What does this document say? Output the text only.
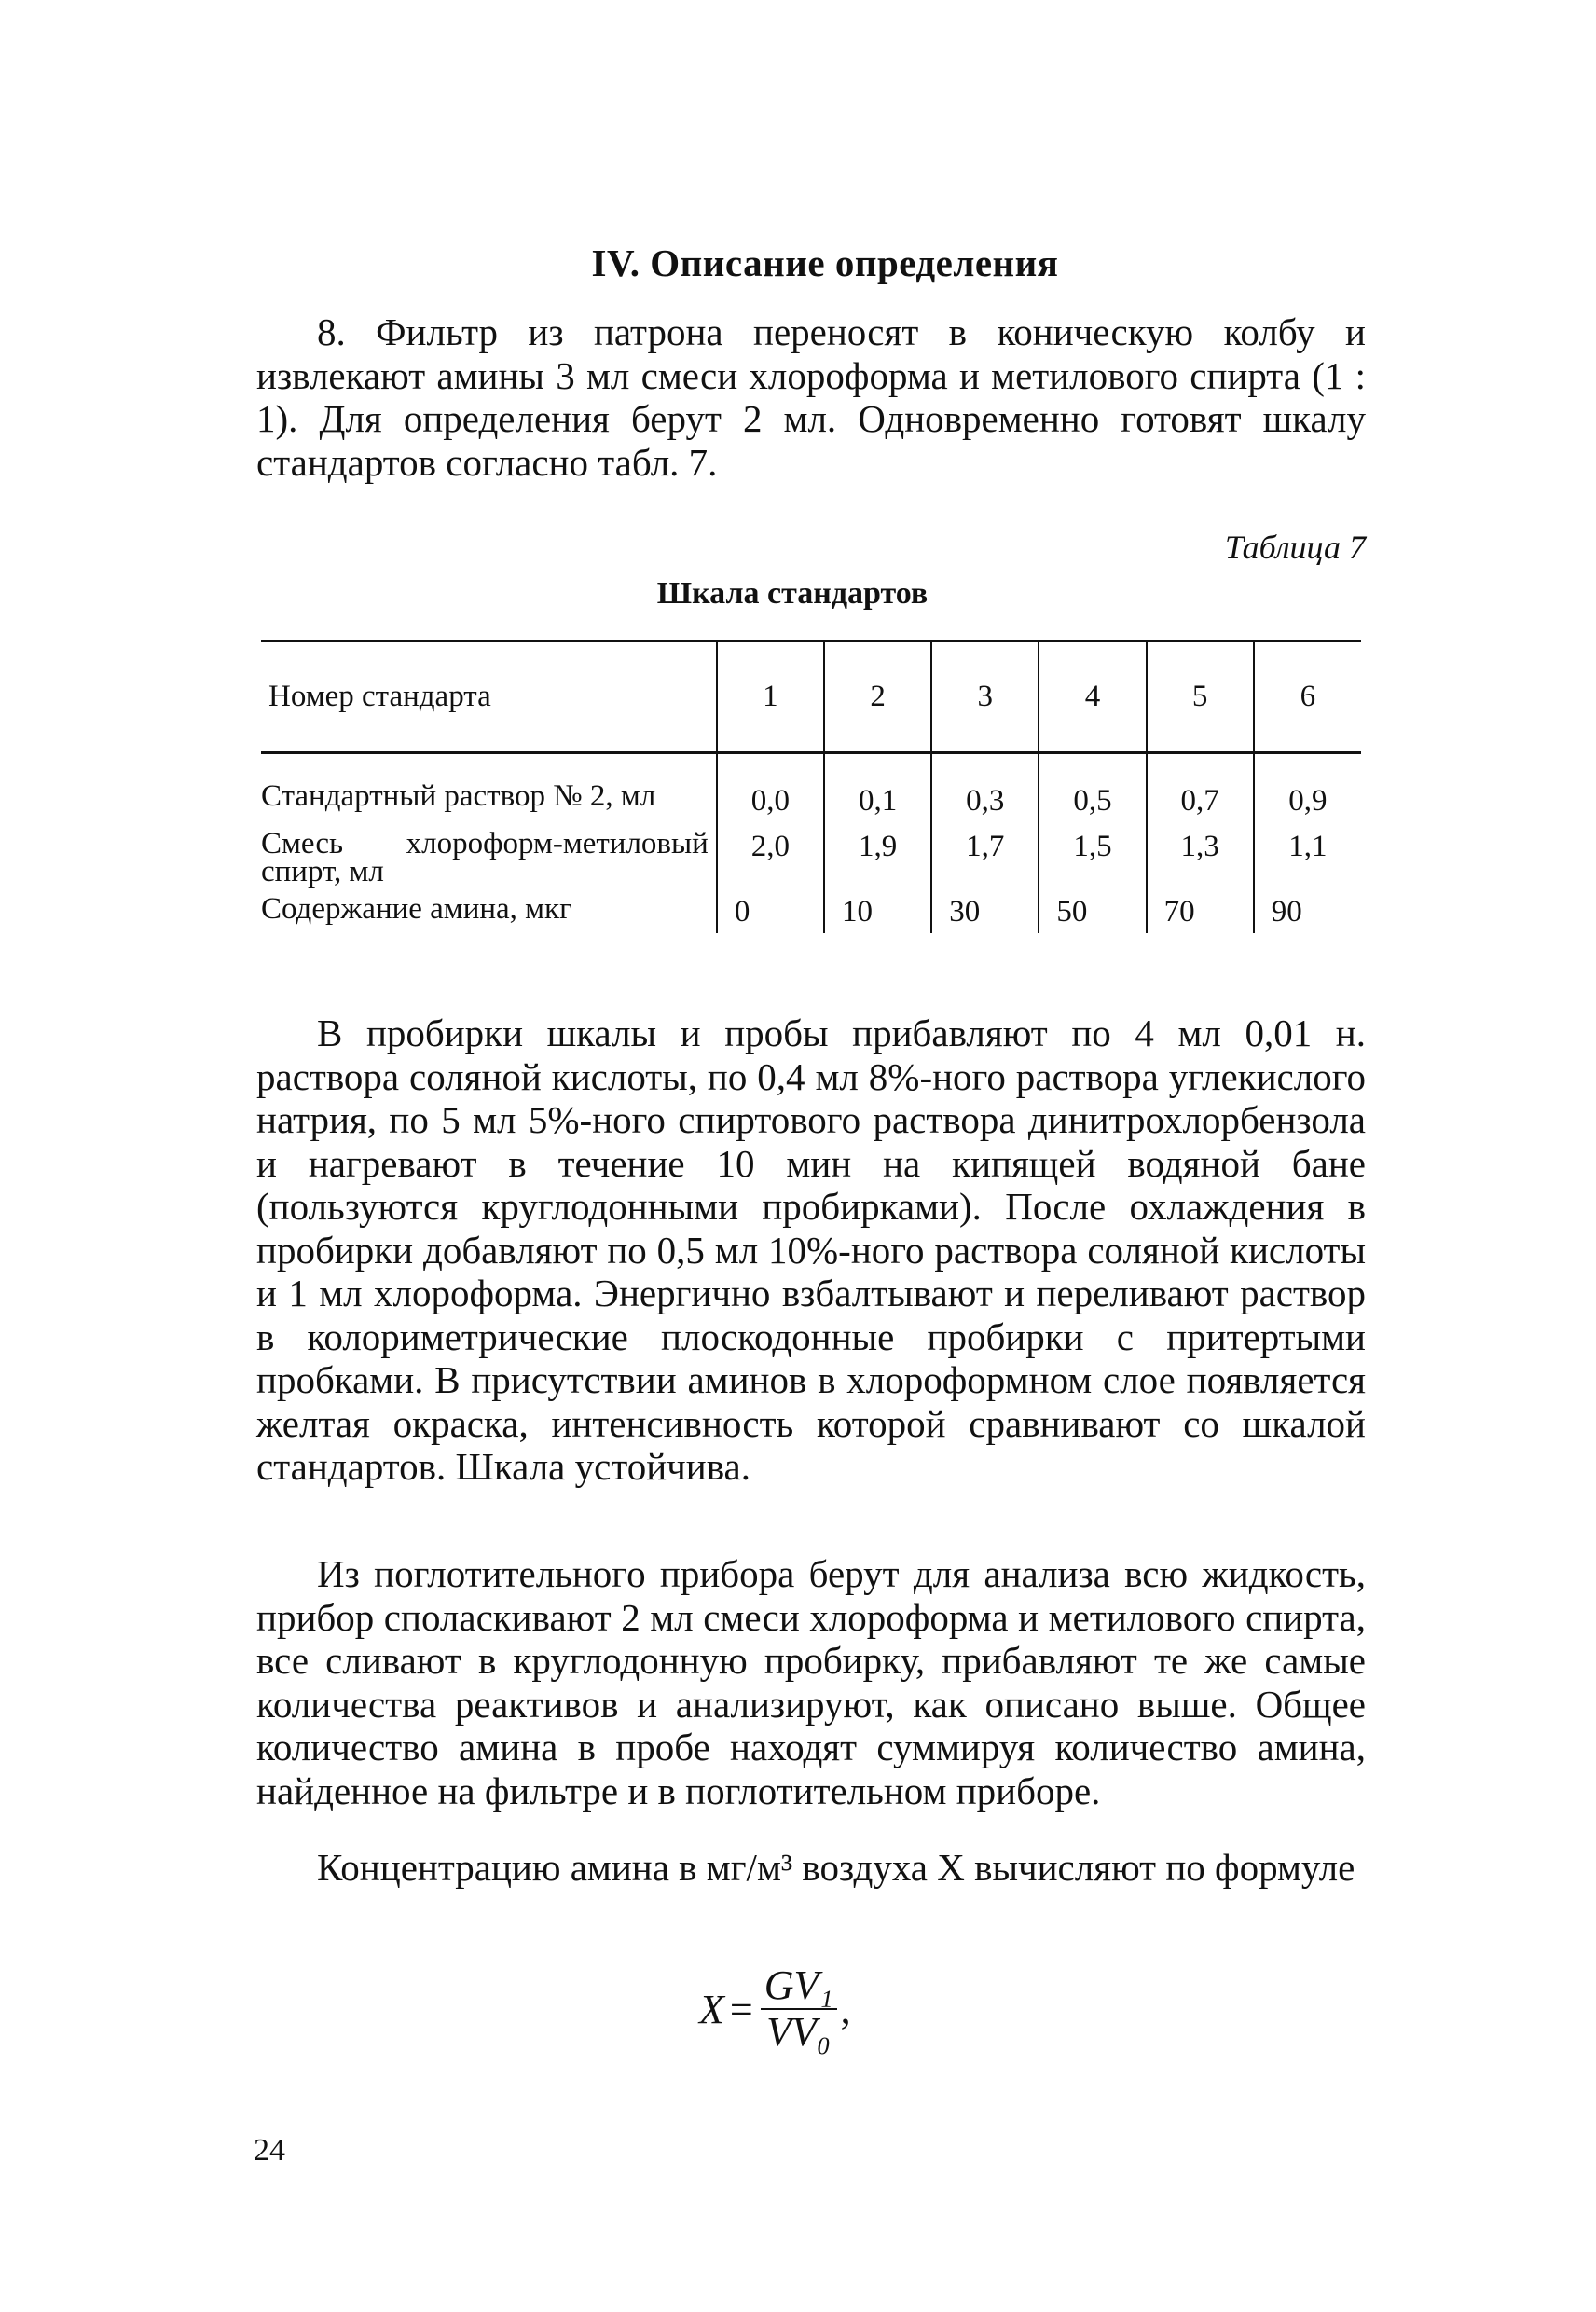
IV. Описание определения

8. Фильтр из патрона переносят в коническую колбу и извлекают амины 3 мл смеси хлороформа и метилового спирта (1 : 1). Для определения берут 2 мл. Одновременно готовят шкалу стандартов согласно табл. 7.

Таблица 7
Шкала стандартов
Номер стандарта	1	2	3	4	5	6
Стандартный раствор № 2, мл	0,0	0,1	0,3	0,5	0,7	0,9
Смесь хлороформ-метиловый спирт, мл	2,0	1,9	1,7	1,5	1,3	1,1
Содержание амина, мкг	0	10	30	50	70	90

В пробирки шкалы и пробы прибавляют по 4 мл 0,01 н. раствора соляной кислоты, по 0,4 мл 8%-ного раствора углекислого натрия, по 5 мл 5%-ного спиртового раствора динитрохлорбензола и нагревают в течение 10 мин на кипящей водяной бане (пользуются круглодонными пробирками). После охлаждения в пробирки добавляют по 0,5 мл 10%-ного раствора соляной кислоты и 1 мл хлороформа. Энергично взбалтывают и переливают раствор в колориметрические плоскодонные пробирки с притертыми пробками. В присутствии аминов в хлороформном слое появляется желтая окраска, интенсивность которой сравнивают со шкалой стандартов. Шкала устойчива.

Из поглотительного прибора берут для анализа всю жидкость, прибор споласкивают 2 мл смеси хлороформа и метилового спирта, все сливают в круглодонную пробирку, прибавляют те же самые количества реактивов и анализируют, как описано выше. Общее количество амина в пробе находят суммируя количество амина, найденное на фильтре и в поглотительном приборе.

Концентрацию амина в мг/м³ воздуха X вычисляют по формуле

$X = \frac{\text{GV₁}}{\text{VV₀}}$ ,
24
